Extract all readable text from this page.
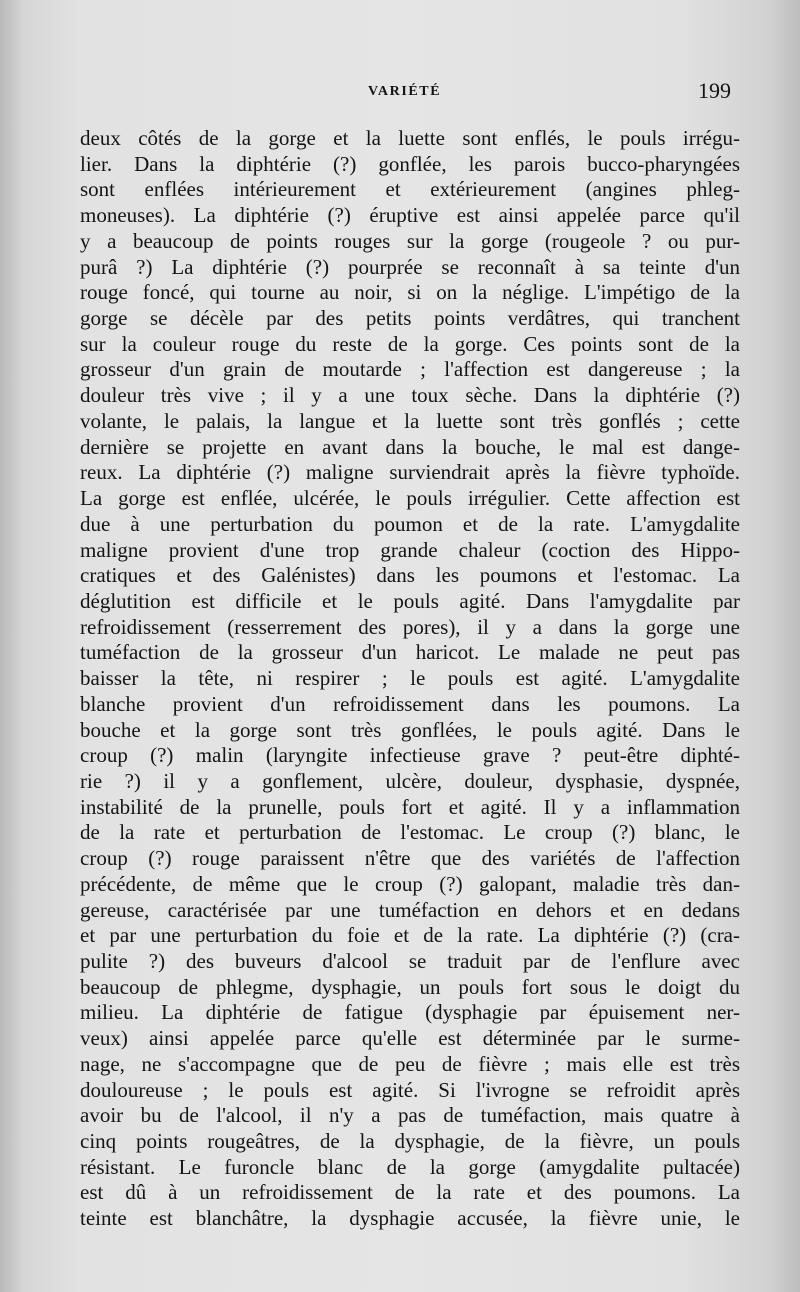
VARIÉTÉ	199
deux côtés de la gorge et la luette sont enflés, le pouls irrégu-
lier. Dans la diphtérie (?) gonflée, les parois bucco-pharyngées
sont enflées intérieurement et extérieurement (angines phleg-
moneuses). La diphtérie (?) éruptive est ainsi appelée parce qu'il
y a beaucoup de points rouges sur la gorge (rougeole ? ou pur-
purâ ?) La diphtérie (?) pourprée se reconnaît à sa teinte d'un
rouge foncé, qui tourne au noir, si on la néglige. L'impétigo de la
gorge se décèle par des petits points verdâtres, qui tranchent
sur la couleur rouge du reste de la gorge. Ces points sont de la
grosseur d'un grain de moutarde ; l'affection est dangereuse ; la
douleur très vive ; il y a une toux sèche. Dans la diphtérie (?)
volante, le palais, la langue et la luette sont très gonflés ; cette
dernière se projette en avant dans la bouche, le mal est dange-
reux. La diphtérie (?) maligne surviendrait après la fièvre typhoïde.
La gorge est enflée, ulcérée, le pouls irrégulier. Cette affection est
due à une perturbation du poumon et de la rate. L'amygdalite
maligne provient d'une trop grande chaleur (coction des Hippo-
cratiques et des Galénistes) dans les poumons et l'estomac. La
déglutition est difficile et le pouls agité. Dans l'amygdalite par
refroidissement (resserrement des pores), il y a dans la gorge une
tuméfaction de la grosseur d'un haricot. Le malade ne peut pas
baisser la tête, ni respirer ; le pouls est agité. L'amygdalite
blanche provient d'un refroidissement dans les poumons. La
bouche et la gorge sont très gonflées, le pouls agité. Dans le
croup (?) malin (laryngite infectieuse grave ? peut-être diphté-
rie ?) il y a gonflement, ulcère, douleur, dysphasie, dyspnée,
instabilité de la prunelle, pouls fort et agité. Il y a inflammation
de la rate et perturbation de l'estomac. Le croup (?) blanc, le
croup (?) rouge paraissent n'être que des variétés de l'affection
précédente, de même que le croup (?) galopant, maladie très dan-
gereuse, caractérisée par une tuméfaction en dehors et en dedans
et par une perturbation du foie et de la rate. La diphtérie (?) (cra-
pulite ?) des buveurs d'alcool se traduit par de l'enflure avec
beaucoup de phlegme, dysphagie, un pouls fort sous le doigt du
milieu. La diphtérie de fatigue (dysphagie par épuisement ner-
veux) ainsi appelée parce qu'elle est déterminée par le surme-
nage, ne s'accompagne que de peu de fièvre ; mais elle est très
douloureuse ; le pouls est agité. Si l'ivrogne se refroidit après
avoir bu de l'alcool, il n'y a pas de tuméfaction, mais quatre à
cinq points rougeâtres, de la dysphagie, de la fièvre, un pouls
résistant. Le furoncle blanc de la gorge (amygdalite pultacée)
est dû à un refroidissement de la rate et des poumons. La
teinte est blanchâtre, la dysphagie accusée, la fièvre unie, le
